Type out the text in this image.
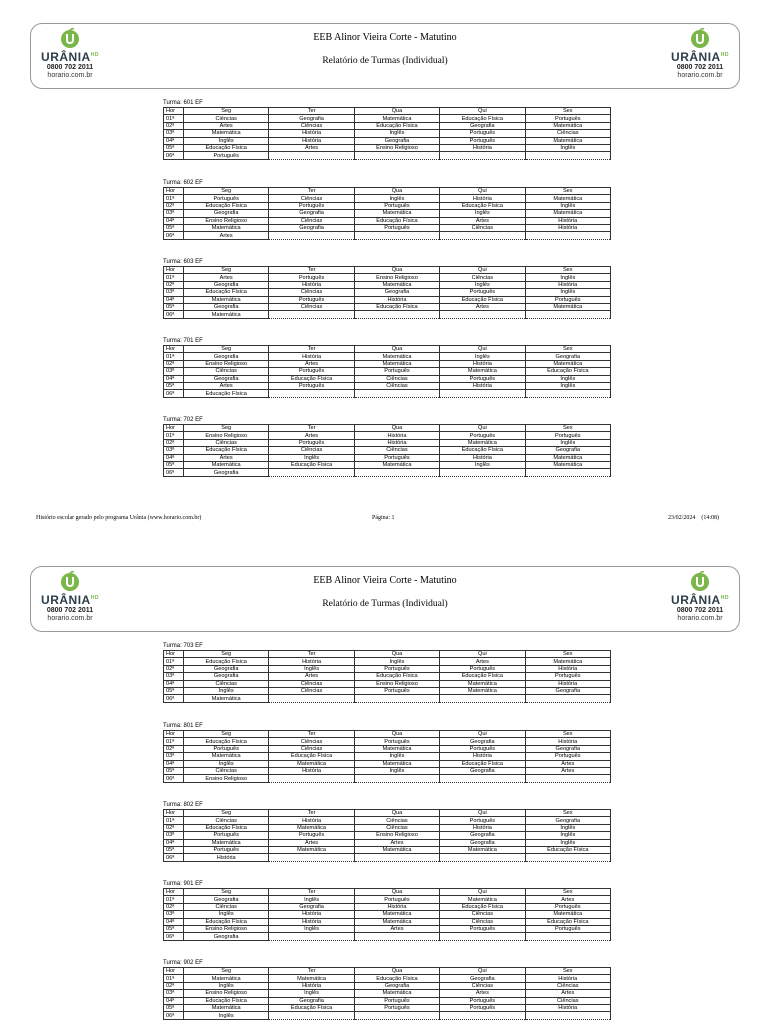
$URÂNIA^{HD}$
0800 702 2011
horario.com.br
EEB Alinor Vieira Corte - Matutino
Relatório de Turmas (Individual)	$URÂNIA^{HD}$
0800 702 2011
horario.com.br
Turma: 601 EF
Hor	Seg	Ter	Qua	Qui	Sex
01ª	Ciências	Geografia	Matemática	Educação Física	Português
02ª	Artes	Ciências	Educação Física	Geografia	Matemática
03ª	Matemática	História	Inglês	Português	Ciências
04ª	Inglês	História	Geografia	Português	Matemática
05ª	Educação Física	Artes	Ensino Religioso	História	Inglês
06ª	Português				
Turma: 602 EF
Hor	Seg	Ter	Qua	Qui	Sex
01ª	Português	Ciências	Inglês	História	Matemática
02ª	Educação Física	Português	Português	Educação Física	Inglês
03ª	Geografia	Geografia	Matemática	Inglês	Matemática
04ª	Ensino Religioso	Ciências	Educação Física	Artes	História
05ª	Matemática	Geografia	Português	Ciências	História
06ª	Artes				
Turma: 603 EF
Hor	Seg	Ter	Qua	Qui	Sex
01ª	Artes	Português	Ensino Religioso	Ciências	Inglês
02ª	Geografia	História	Matemática	Inglês	História
03ª	Educação Física	Ciências	Geografia	Português	Inglês
04ª	Matemática	Português	História	Educação Física	Português
05ª	Geografia	Ciências	Educação Física	Artes	Matemática
06ª	Matemática				
Turma: 701 EF
Hor	Seg	Ter	Qua	Qui	Sex
01ª	Geografia	História	Matemática	Inglês	Geografia
02ª	Ensino Religioso	Artes	Matemática	História	Matemática
03ª	Ciências	Português	Português	Matemática	Educação Física
04ª	Geografia	Educação Física	Ciências	Português	Inglês
05ª	Artes	Português	Ciências	História	Inglês
06ª	Educação Física				
Turma: 702 EF
Hor	Seg	Ter	Qua	Qui	Sex
01ª	Ensino Religioso	Artes	História	Português	Português
02ª	Ciências	Português	História	Matemática	Inglês
03ª	Educação Física	Ciências	Ciências	Educação Física	Geografia
04ª	Artes	Inglês	Português	História	Matemática
05ª	Matemática	Educação Física	Matemática	Inglês	Matemática
06ª	Geografia				
Histório escolar gerado pelo programa Urânia (www.horario.com.br)	Página: 1	23/02/2024    (14:08)
$URÂNIA^{HD}$
0800 702 2011
horario.com.br
EEB Alinor Vieira Corte - Matutino
Relatório de Turmas (Individual)	$URÂNIA^{HD}$
0800 702 2011
horario.com.br
Turma: 703 EF
Hor	Seg	Ter	Qua	Qui	Sex
01ª	Educação Física	História	Inglês	Artes	Matemática
02ª	Geografia	Inglês	Português	Português	História
03ª	Geografia	Artes	Educação Física	Educação Física	Português
04ª	Ciências	Ciências	Ensino Religioso	Matemática	História
05ª	Inglês	Ciências	Português	Matemática	Geografia
06ª	Matemática				
Turma: 801 EF
Hor	Seg	Ter	Qua	Qui	Sex
01ª	Educação Física	Ciências	Português	Geografia	História
02ª	Português	Ciências	Matemática	Português	Geografia
03ª	Matemática	Educação Física	Inglês	História	Português
04ª	Inglês	Matemática	Matemática	Educação Física	Artes
05ª	Ciências	História	Inglês	Geografia	Artes
06ª	Ensino Religioso				
Turma: 802 EF
Hor	Seg	Ter	Qua	Qui	Sex
01ª	Ciências	História	Ciências	Português	Geografia
02ª	Educação Física	Matemática	Ciências	História	Inglês
03ª	Português	Português	Ensino Religioso	Geografia	Inglês
04ª	Matemática	Artes	Artes	Geografia	Inglês
05ª	Português	Matemática	Matemática	Matemática	Educação Física
06ª	História				
Turma: 901 EF
Hor	Seg	Ter	Qua	Qui	Sex
01ª	Geografia	Inglês	Português	Matemática	Artes
02ª	Ciências	Geografia	História	Educação Física	Português
03ª	Inglês	História	Matemática	Ciências	Matemática
04ª	Educação Física	História	Matemática	Ciências	Educação Física
05ª	Ensino Religioso	Inglês	Artes	Português	Português
06ª	Geografia				
Turma: 902 EF
Hor	Seg	Ter	Qua	Qui	Sex
01ª	Matemática	Matemática	Educação Física	Geografia	História
02ª	Inglês	História	Geografia	Ciências	Ciências
03ª	Ensino Religioso	Inglês	Matemática	Artes	Artes
04ª	Educação Física	Geografia	Português	Português	Ciências
05ª	Matemática	Educação Física	Português	Português	História
06ª	Inglês				
